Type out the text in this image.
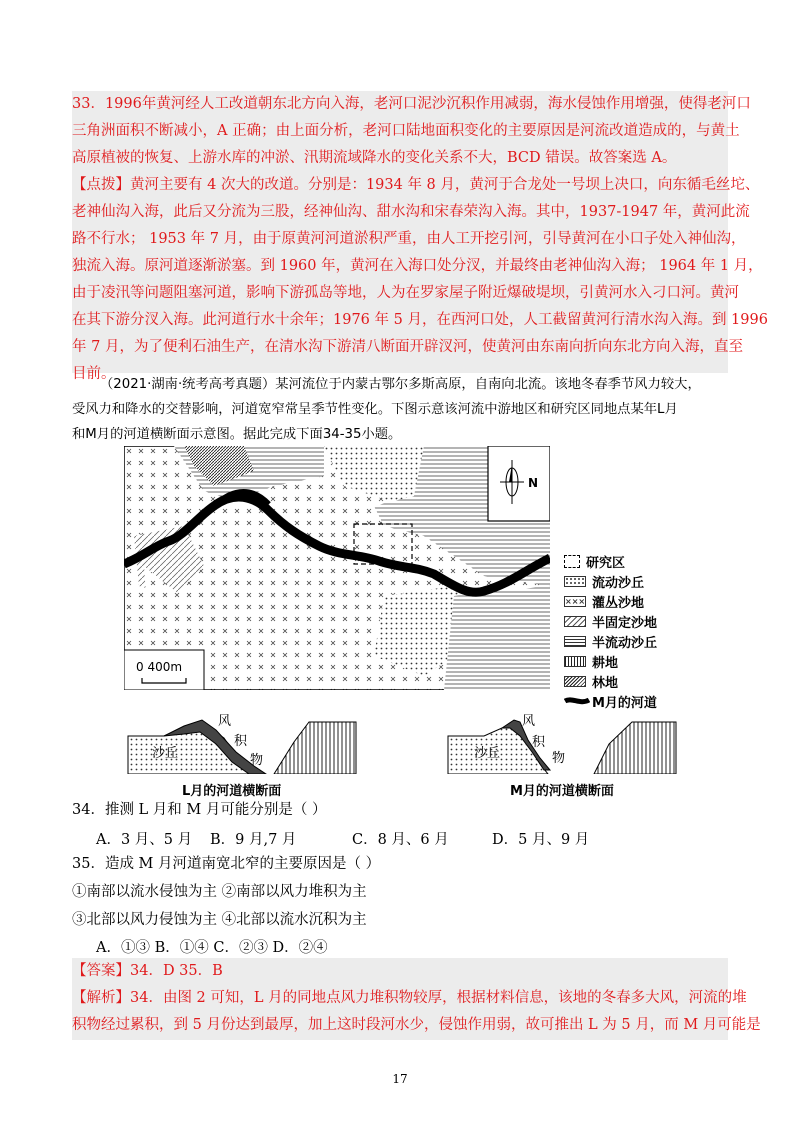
33．1996年黄河经人工改道朝东北方向入海，老河口泥沙沉积作用减弱，海水侵蚀作用增强，使得老河口
三角洲面积不断减小，A 正确；由上面分析，老河口陆地面积变化的主要原因是河流改道造成的，与黄土
高原植被的恢复、上游水库的冲淤、汛期流域降水的变化关系不大，BCD 错误。故答案选 A。
【点拨】黄河主要有 4 次大的改道。分别是：1934 年 8 月，黄河于合龙处一号坝上决口，向东循毛丝坨、
老神仙沟入海，此后又分流为三股，经神仙沟、甜水沟和宋春荣沟入海。其中，1937-1947 年，黄河此流
路不行水； 1953 年 7 月，由于原黄河河道淤积严重，由人工开挖引河，引导黄河在小口子处入神仙沟，
独流入海。原河道逐渐淤塞。到 1960 年，黄河在入海口处分汊，并最终由老神仙沟入海； 1964 年 1 月，
由于凌汛等问题阻塞河道，影响下游孤岛等地，人为在罗家屋子附近爆破堤坝，引黄河水入刁口河。黄河
在其下游分汊入海。此河道行水十余年；1976 年 5 月，在西河口处，人工截留黄河行清水沟入海。到 1996
年 7 月，为了便利石油生产，在清水沟下游清八断面开辟汊河，使黄河由东南向折向东北方向入海，直至
目前。
（2021·湖南·统考高考真题）某河流位于内蒙古鄂尔多斯高原，自南向北流。该地冬春季节风力较大，
受风力和降水的交替影响，河道宽窄常呈季节性变化。下图示意该河流中游地区和研究区同地点某年L月
和M月的河道横断面示意图。据此完成下面34-35小题。
N
0 400m
研究区
流动沙丘
××× 灌丛沙地
半固定沙地
半流动沙丘
耕地
林地
M月的河道
沙丘
风
积
物
L月的河道横断面
沙丘
风
积
物
M月的河道横断面
34．推测 L 月和 M 月可能分别是（ ）
A．3 月、5 月 B．9 月,7 月	C．8 月、6 月	D．5 月、9 月
35．造成 M 月河道南宽北窄的主要原因是（ ）
①南部以流水侵蚀为主 ②南部以风力堆积为主
③北部以风力侵蚀为主 ④北部以流水沉积为主
A．①③ B．①④ C．②③ D．②④
【答案】34．D 35．B
【解析】34．由图 2 可知，L 月的同地点风力堆积物较厚，根据材料信息，该地的冬春多大风，河流的堆
积物经过累积，到 5 月份达到最厚，加上这时段河水少，侵蚀作用弱，故可推出 L 为 5 月，而 M 月可能是
17
